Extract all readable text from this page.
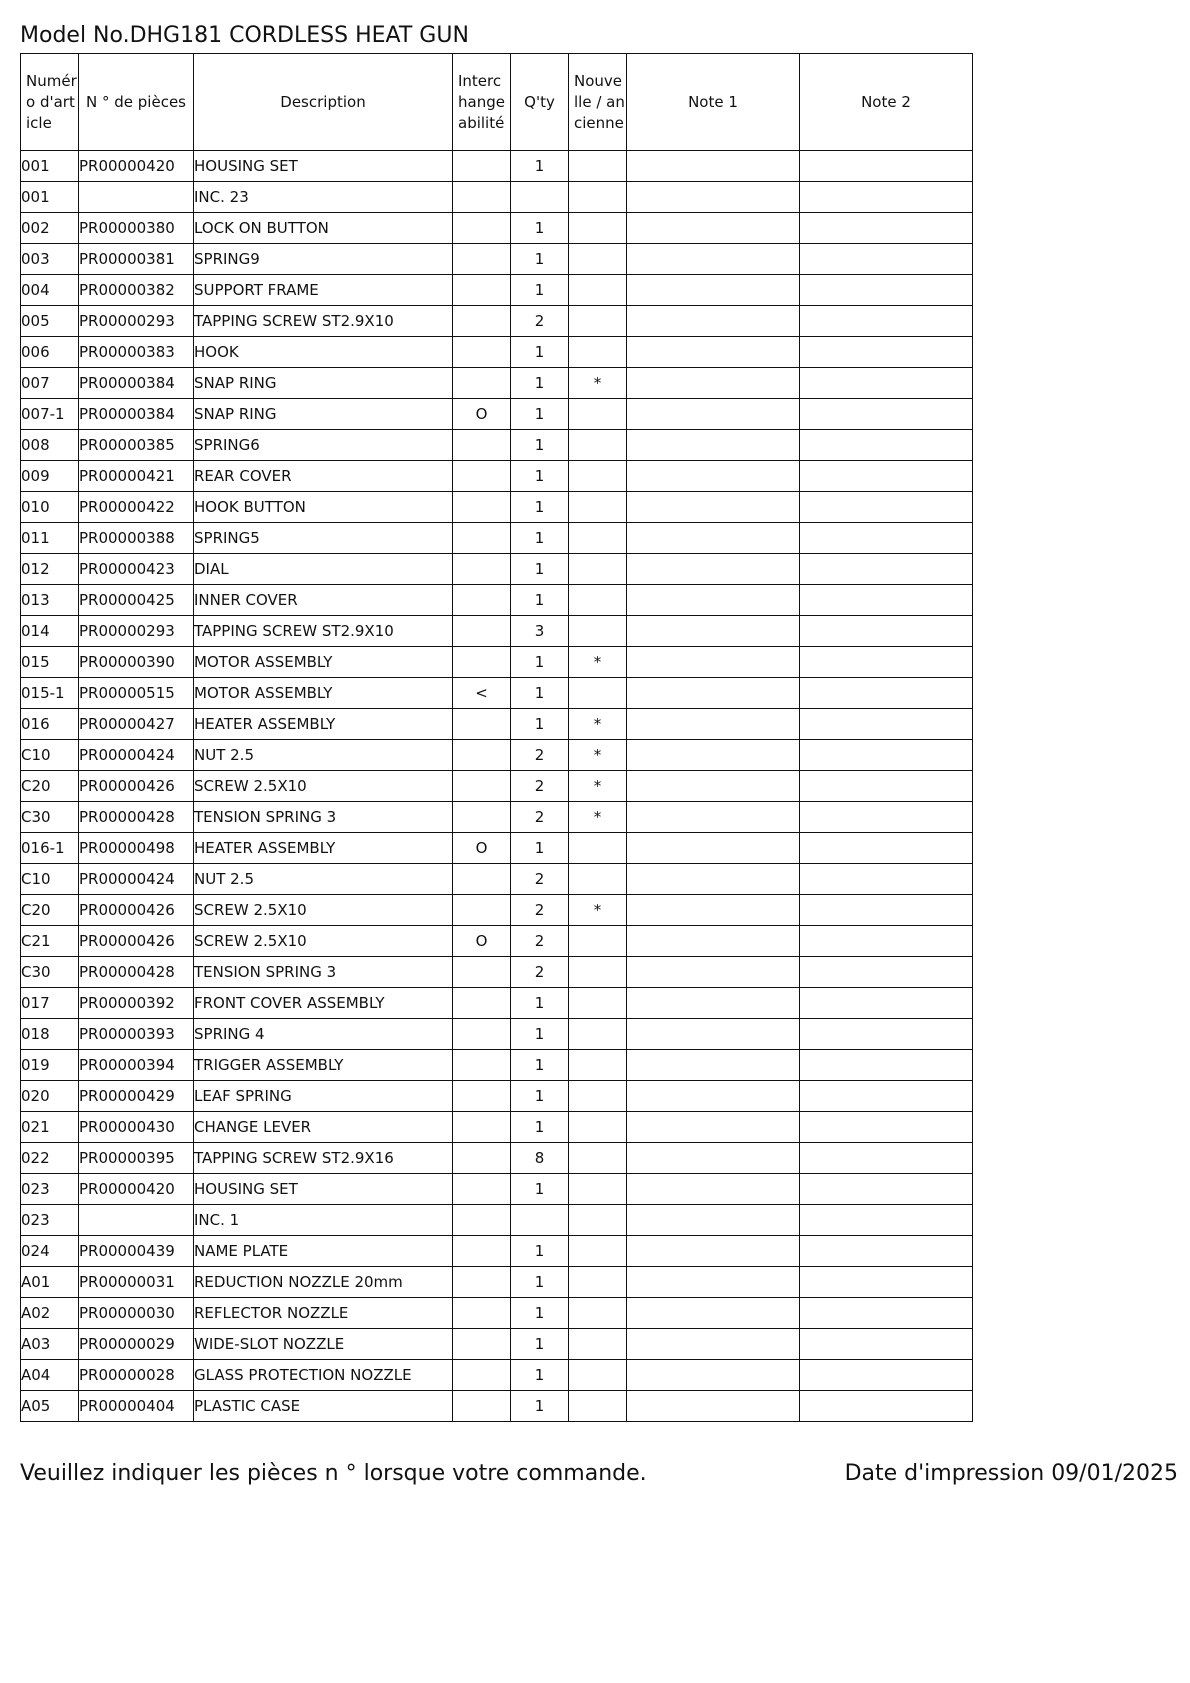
Model No.DHG181 CORDLESS HEAT GUN
Numéro d'article	N ° de pièces	Description	Interchangeabilité	Q'ty	Nouvelle / ancienne	Note 1	Note 2
001	PR00000420	HOUSING SET		1			
001		INC. 23					
002	PR00000380	LOCK ON BUTTON		1			
003	PR00000381	SPRING9		1			
004	PR00000382	SUPPORT FRAME		1			
005	PR00000293	TAPPING SCREW ST2.9X10		2			
006	PR00000383	HOOK		1			
007	PR00000384	SNAP RING		1	*		
007-1	PR00000384	SNAP RING	O	1			
008	PR00000385	SPRING6		1			
009	PR00000421	REAR COVER		1			
010	PR00000422	HOOK BUTTON		1			
011	PR00000388	SPRING5		1			
012	PR00000423	DIAL		1			
013	PR00000425	INNER COVER		1			
014	PR00000293	TAPPING SCREW ST2.9X10		3			
015	PR00000390	MOTOR ASSEMBLY		1	*		
015-1	PR00000515	MOTOR ASSEMBLY	<	1			
016	PR00000427	HEATER ASSEMBLY		1	*		
C10	PR00000424	NUT 2.5		2	*		
C20	PR00000426	SCREW 2.5X10		2	*		
C30	PR00000428	TENSION SPRING 3		2	*		
016-1	PR00000498	HEATER ASSEMBLY	O	1			
C10	PR00000424	NUT 2.5		2			
C20	PR00000426	SCREW 2.5X10		2	*		
C21	PR00000426	SCREW 2.5X10	O	2			
C30	PR00000428	TENSION SPRING 3		2			
017	PR00000392	FRONT COVER ASSEMBLY		1			
018	PR00000393	SPRING 4		1			
019	PR00000394	TRIGGER ASSEMBLY		1			
020	PR00000429	LEAF SPRING		1			
021	PR00000430	CHANGE LEVER		1			
022	PR00000395	TAPPING SCREW ST2.9X16		8			
023	PR00000420	HOUSING SET		1			
023		INC. 1					
024	PR00000439	NAME PLATE		1			
A01	PR00000031	REDUCTION NOZZLE 20mm		1			
A02	PR00000030	REFLECTOR NOZZLE		1			
A03	PR00000029	WIDE-SLOT NOZZLE		1			
A04	PR00000028	GLASS PROTECTION NOZZLE		1			
A05	PR00000404	PLASTIC CASE		1			
Veuillez indiquer les pièces n ° lorsque votre commande.	Date d'impression 09/01/2025
